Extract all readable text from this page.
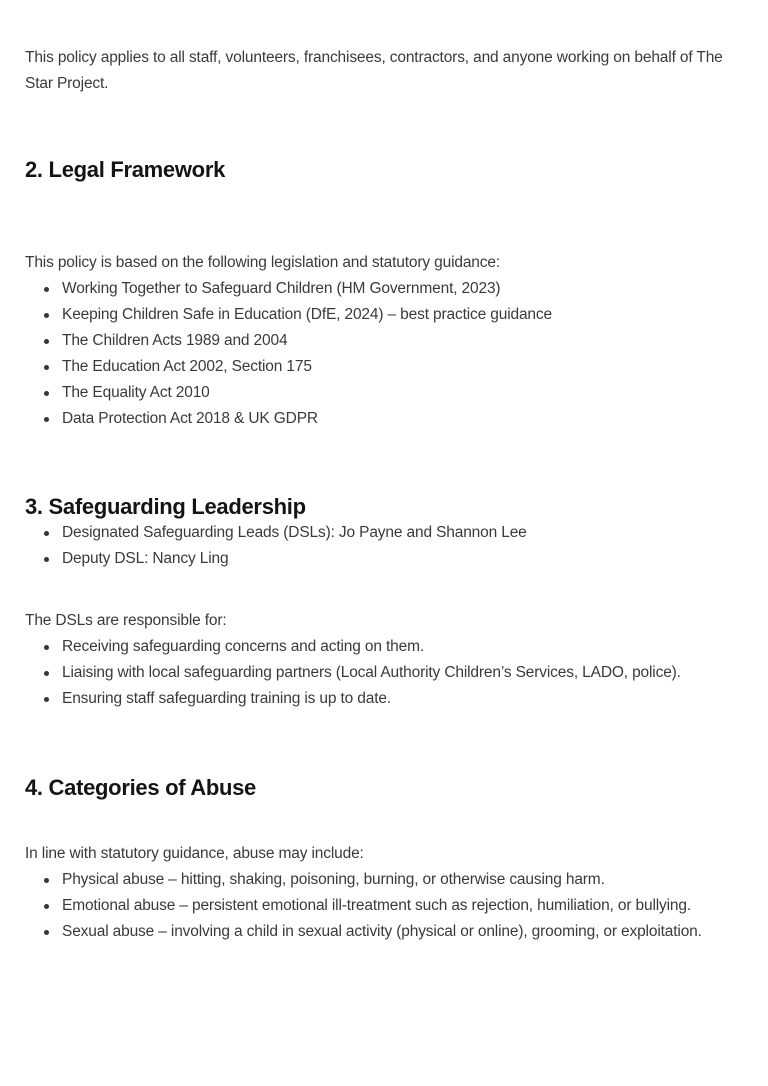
This policy applies to all staff, volunteers, franchisees, contractors, and anyone working on behalf of The Star Project.

2. Legal Framework

This policy is based on the following legislation and statutory guidance:

Working Together to Safeguard Children (HM Government, 2023)
Keeping Children Safe in Education (DfE, 2024) – best practice guidance
The Children Acts 1989 and 2004
The Education Act 2002, Section 175
The Equality Act 2010
Data Protection Act 2018 & UK GDPR
3. Safeguarding Leadership
Designated Safeguarding Leads (DSLs): Jo Payne and Shannon Lee
Deputy DSL: Nancy Ling

The DSLs are responsible for:

Receiving safeguarding concerns and acting on them.
Liaising with local safeguarding partners (Local Authority Children’s Services, LADO, police).
Ensuring staff safeguarding training is up to date.
4. Categories of Abuse

In line with statutory guidance, abuse may include:

Physical abuse – hitting, shaking, poisoning, burning, or otherwise causing harm.
Emotional abuse – persistent emotional ill-treatment such as rejection, humiliation, or bullying.
Sexual abuse – involving a child in sexual activity (physical or online), grooming, or exploitation.
